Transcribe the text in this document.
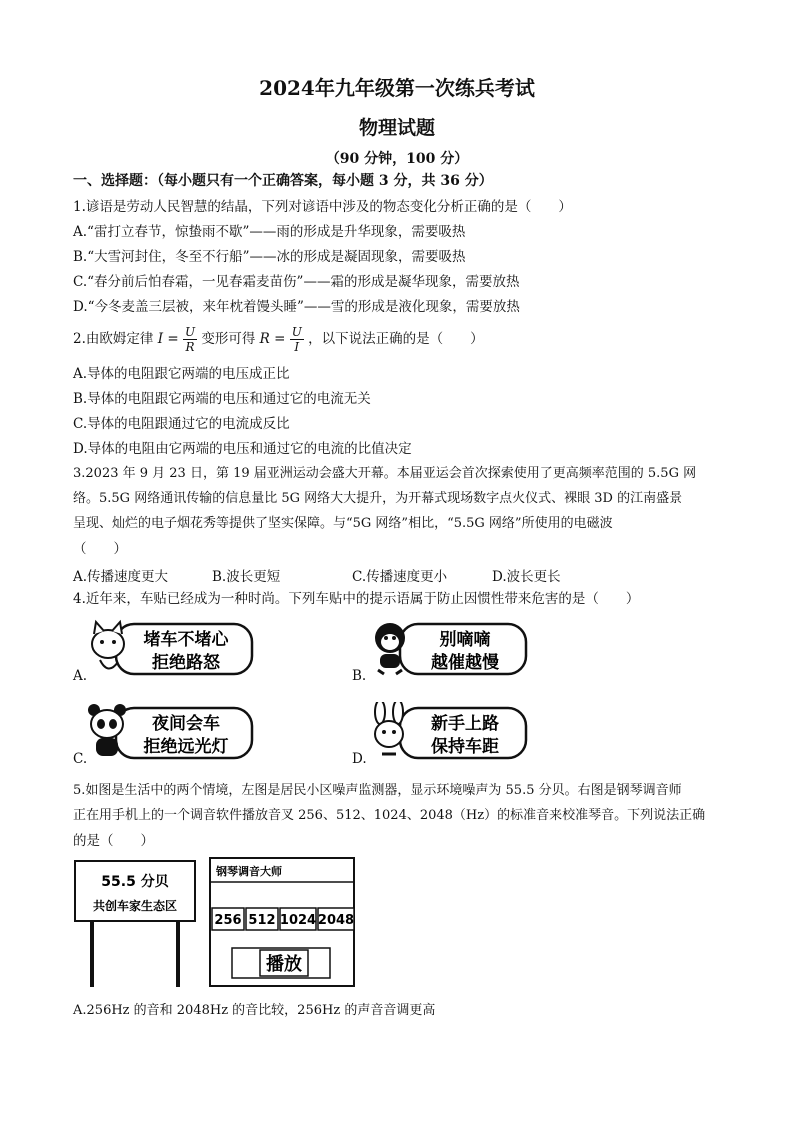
2024年九年级第一次练兵考试
物理试题
（90 分钟，100 分）
一、选择题：（每小题只有一个正确答案，每小题 3 分，共 36 分）
1.谚语是劳动人民智慧的结晶，下列对谚语中涉及的物态变化分析正确的是（　　）
A.“雷打立春节，惊蛰雨不歇”——雨的形成是升华现象，需要吸热
B.“大雪河封住，冬至不行船”——冰的形成是凝固现象，需要吸热
C.“春分前后怕春霜，一见春霜麦苗伤”——霜的形成是凝华现象，需要放热
D.“今冬麦盖三层被，来年枕着馒头睡”——雪的形成是液化现象，需要放热
2.由欧姆定律 $I = \frac{U}{R}$ 变形可得 $R = \frac{U}{I}$ ，以下说法正确的是（　　）
A.导体的电阻跟它两端的电压成正比
B.导体的电阻跟它两端的电压和通过它的电流无关
C.导体的电阻跟通过它的电流成反比
D.导体的电阻由它两端的电压和通过它的电流的比值决定
3.2023 年 9 月 23 日，第 19 届亚洲运动会盛大开幕。本届亚运会首次探索使用了更高频率范围的 5.5G 网
络。5.5G 网络通讯传输的信息量比 5G 网络大大提升，为开幕式现场数字点火仪式、裸眼 3D 的江南盛景
呈现、灿烂的电子烟花秀等提供了坚实保障。与“5G 网络”相比，“5.5G 网络”所使用的电磁波
（　　）
A.传播速度更大	B.波长更短	C.传播速度更小	D.波长更长
4.近年来，车贴已经成为一种时尚。下列车贴中的提示语属于防止因惯性带来危害的是（　　）
堵车不堵心
拒绝路怒
A.
别嘀嘀
越催越慢
B.
夜间会车
拒绝远光灯
C.
新手上路
保持车距
D.
5.如图是生活中的两个情境，左图是居民小区噪声监测器，显示环境噪声为 55.5 分贝。右图是钢琴调音师
正在用手机上的一个调音软件播放音叉 256、512、1024、2048（Hz）的标准音来校准琴音。下列说法正确
的是（　　）
55.5 分贝
共创车家生态区
钢琴调音大师
256 512 1024 2048
播放
A.256Hz 的音和 2048Hz 的音比较，256Hz 的声音音调更高
